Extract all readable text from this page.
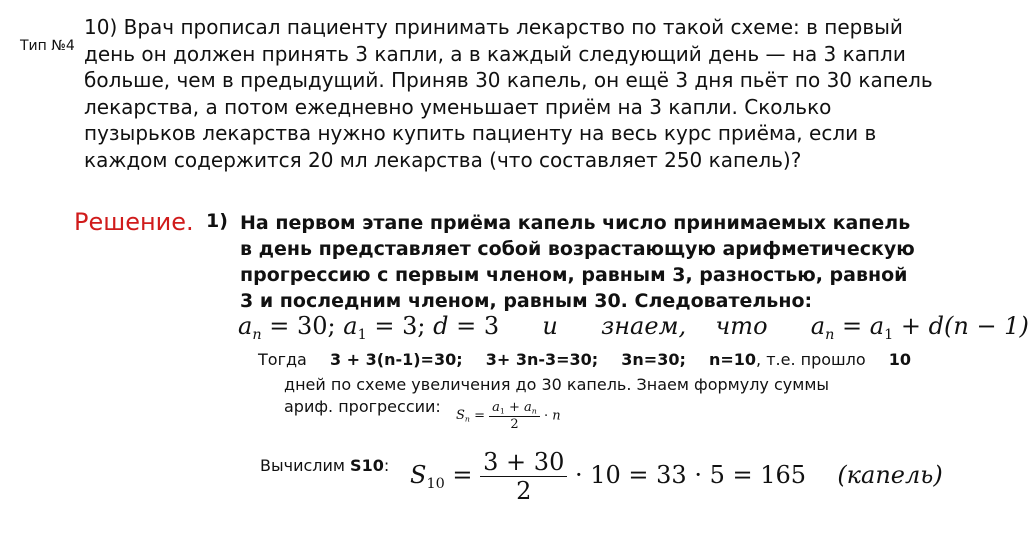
Тип №4

10) Врач прописал пациенту принимать лекарство по такой схеме: в первый день он должен принять 3 капли, а в каждый следующий день — на 3 капли больше, чем в предыдущий. Приняв 30 капель, он ещё 3 дня пьёт по 30 капель лекарства, а потом ежедневно уменьшает приём на 3 капли. Сколько пузырьков лекарства нужно купить пациенту на весь курс приёма, если в каждом содержится 20 мл лекарства (что составляет 250 капель)?

Решение. 1) На первом этапе приёма капель число принимаемых капель в день представляет собой возрастающую арифметическую прогрессию с первым членом, равным 3, разностью, равной 3 и последним членом, равным 30. Следовательно:

$a_n = 30$; $a_1 = 3$; d = 3 и знаем, что $a_n = a_1 + d(n - 1)$
Тогда 3 + 3(n-1)=30; 3+ 3n-3=30; 3n=30; n=10, т.е. прошло 10
дней по схеме увеличения до 30 капель. Знаем формулу суммы
ариф. прогрессии: $S_n = \frac{a_1 + a_n}{2} \cdot n$
Вычислим S10: $S_{10} = \frac{3 + 30}{2} \cdot 10 = 33 \cdot 5 = 165$ (капель)
